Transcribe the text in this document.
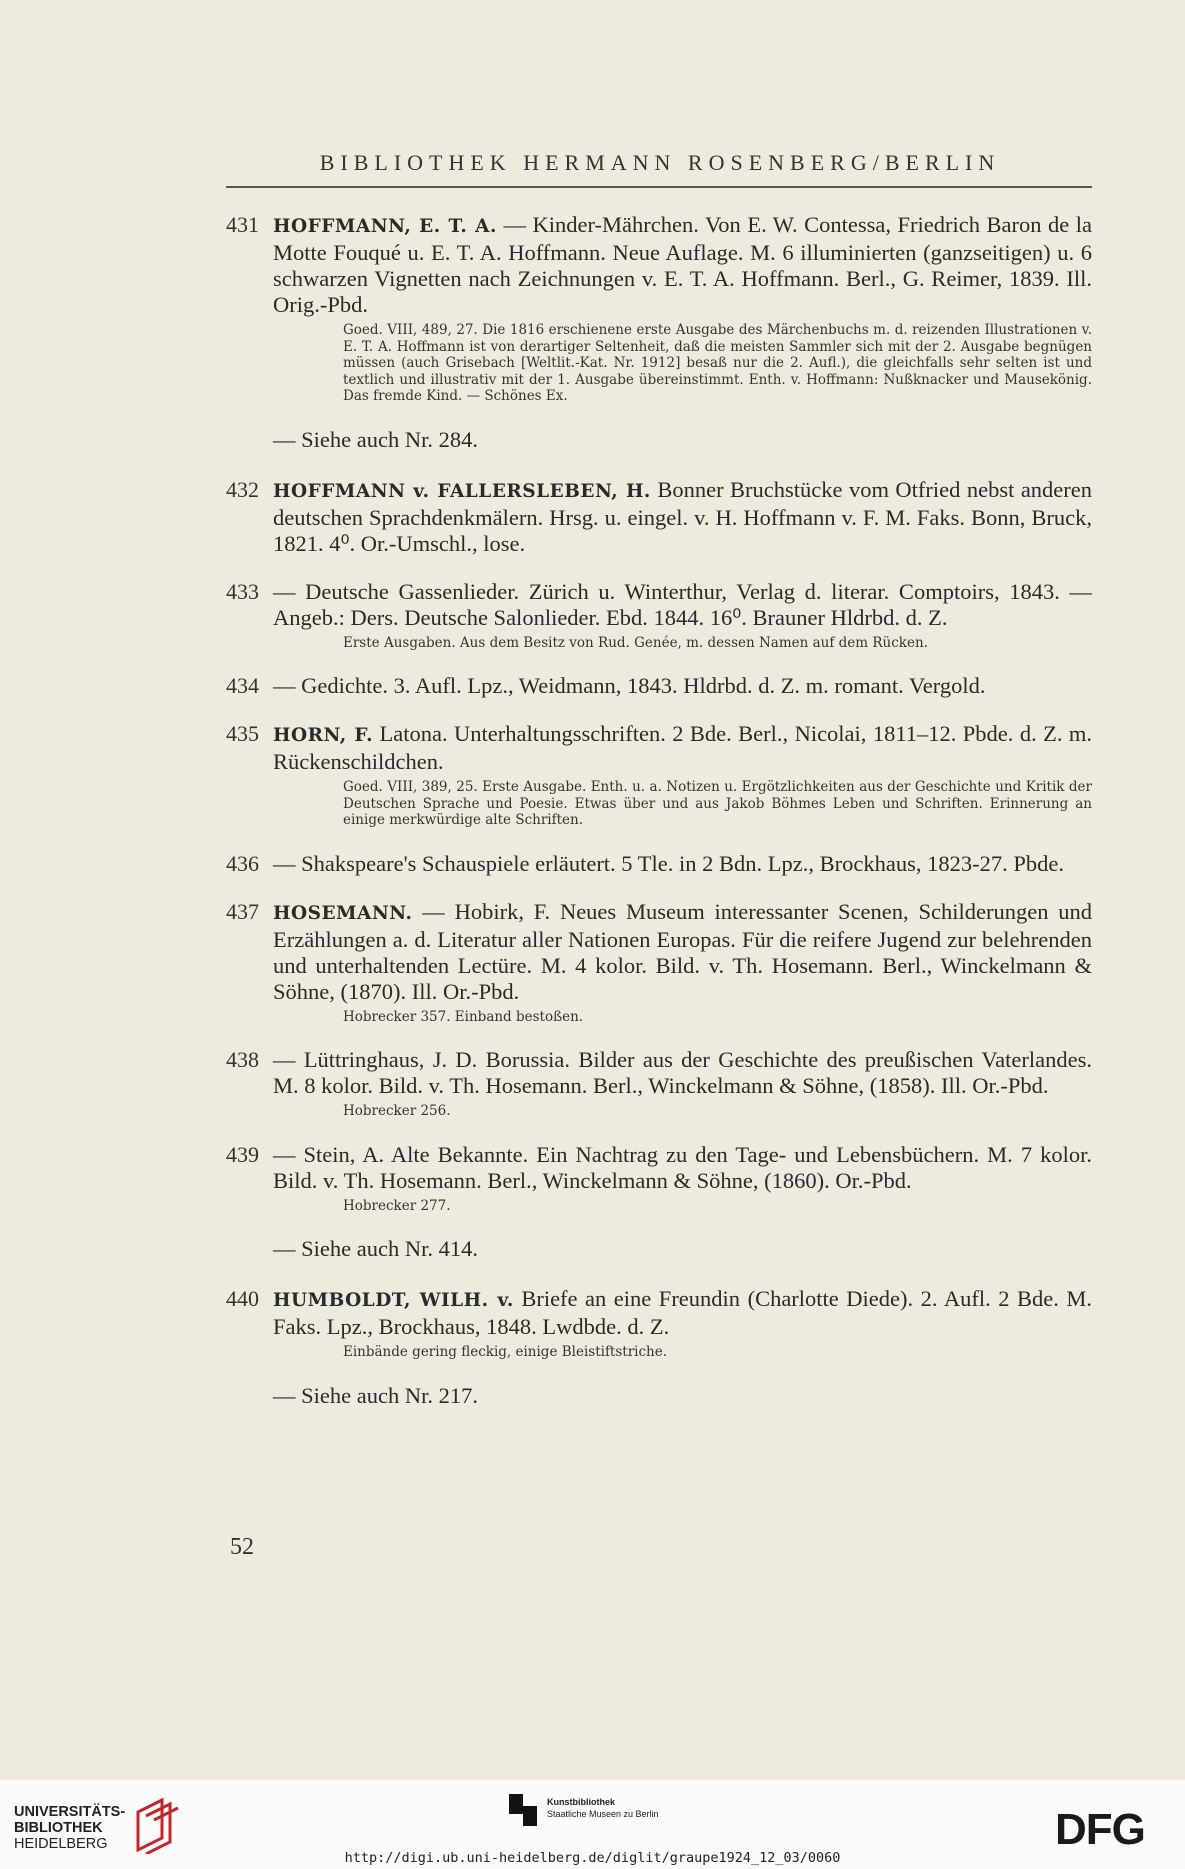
BIBLIOTHEK HERMANN ROSENBERG/BERLIN
431 HOFFMANN, E. T. A. — Kinder-Mährchen. Von E. W. Contessa, Friedrich Baron de la Motte Fouqué u. E. T. A. Hoffmann. Neue Auflage. M. 6 illuminierten (ganzseitigen) u. 6 schwarzen Vignetten nach Zeichnungen v. E. T. A. Hoffmann. Berl., G. Reimer, 1839. Ill. Orig.-Pbd.
Goed. VIII, 489, 27. Die 1816 erschienene erste Ausgabe des Märchenbuchs m. d. reizenden Illustrationen v. E. T. A. Hoffmann ist von derartiger Seltenheit, daß die meisten Sammler sich mit der 2. Ausgabe begnügen müssen (auch Grisebach [Weltlit.-Kat. Nr. 1912] besaß nur die 2. Aufl.), die gleichfalls sehr selten ist und textlich und illustrativ mit der 1. Ausgabe übereinstimmt. Enth. v. Hoffmann: Nußknacker und Mausekönig. Das fremde Kind. — Schönes Ex.
— Siehe auch Nr. 284.
432 HOFFMANN v. FALLERSLEBEN, H. Bonner Bruchstücke vom Otfried nebst anderen deutschen Sprachdenkmälern. Hrsg. u. eingel. v. H. Hoffmann v. F. M. Faks. Bonn, Bruck, 1821. 4⁰. Or.-Umschl., lose.
433 — Deutsche Gassenlieder. Zürich u. Winterthur, Verlag d. literar. Comptoirs, 1843. — Angeb.: Ders. Deutsche Salonlieder. Ebd. 1844. 16⁰. Brauner Hldrbd. d. Z.
Erste Ausgaben. Aus dem Besitz von Rud. Genée, m. dessen Namen auf dem Rücken.
434 — Gedichte. 3. Aufl. Lpz., Weidmann, 1843. Hldrbd. d. Z. m. romant. Vergold.
435 HORN, F. Latona. Unterhaltungsschriften. 2 Bde. Berl., Nicolai, 1811–12. Pbde. d. Z. m. Rückenschildchen.
Goed. VIII, 389, 25. Erste Ausgabe. Enth. u. a. Notizen u. Ergötzlichkeiten aus der Geschichte und Kritik der Deutschen Sprache und Poesie. Etwas über und aus Jakob Böhmes Leben und Schriften. Erinnerung an einige merkwürdige alte Schriften.
436 — Shakspeare's Schauspiele erläutert. 5 Tle. in 2 Bdn. Lpz., Brockhaus, 1823-27. Pbde.
437 HOSEMANN. — Hobirk, F. Neues Museum interessanter Scenen, Schilderungen und Erzählungen a. d. Literatur aller Nationen Europas. Für die reifere Jugend zur belehrenden und unterhaltenden Lectüre. M. 4 kolor. Bild. v. Th. Hosemann. Berl., Winckelmann & Söhne, (1870). Ill. Or.-Pbd.
Hobrecker 357. Einband bestoßen.
438 — Lüttringhaus, J. D. Borussia. Bilder aus der Geschichte des preußischen Vaterlandes. M. 8 kolor. Bild. v. Th. Hosemann. Berl., Winckelmann & Söhne, (1858). Ill. Or.-Pbd.
Hobrecker 256.
439 — Stein, A. Alte Bekannte. Ein Nachtrag zu den Tage- und Lebensbüchern. M. 7 kolor. Bild. v. Th. Hosemann. Berl., Winckelmann & Söhne, (1860). Or.-Pbd.
Hobrecker 277.
— Siehe auch Nr. 414.
440 HUMBOLDT, WILH. v. Briefe an eine Freundin (Charlotte Diede). 2. Aufl. 2 Bde. M. Faks. Lpz., Brockhaus, 1848. Lwdbde. d. Z.
Einbände gering fleckig, einige Bleistiftstriche.
— Siehe auch Nr. 217.
52
UNIVERSITÄTS-
BIBLIOTHEK
HEIDELBERG
Kunstbibliothek
Staatliche Museen zu Berlin	DFG
http://digi.ub.uni-heidelberg.de/diglit/graupe1924_12_03/0060
